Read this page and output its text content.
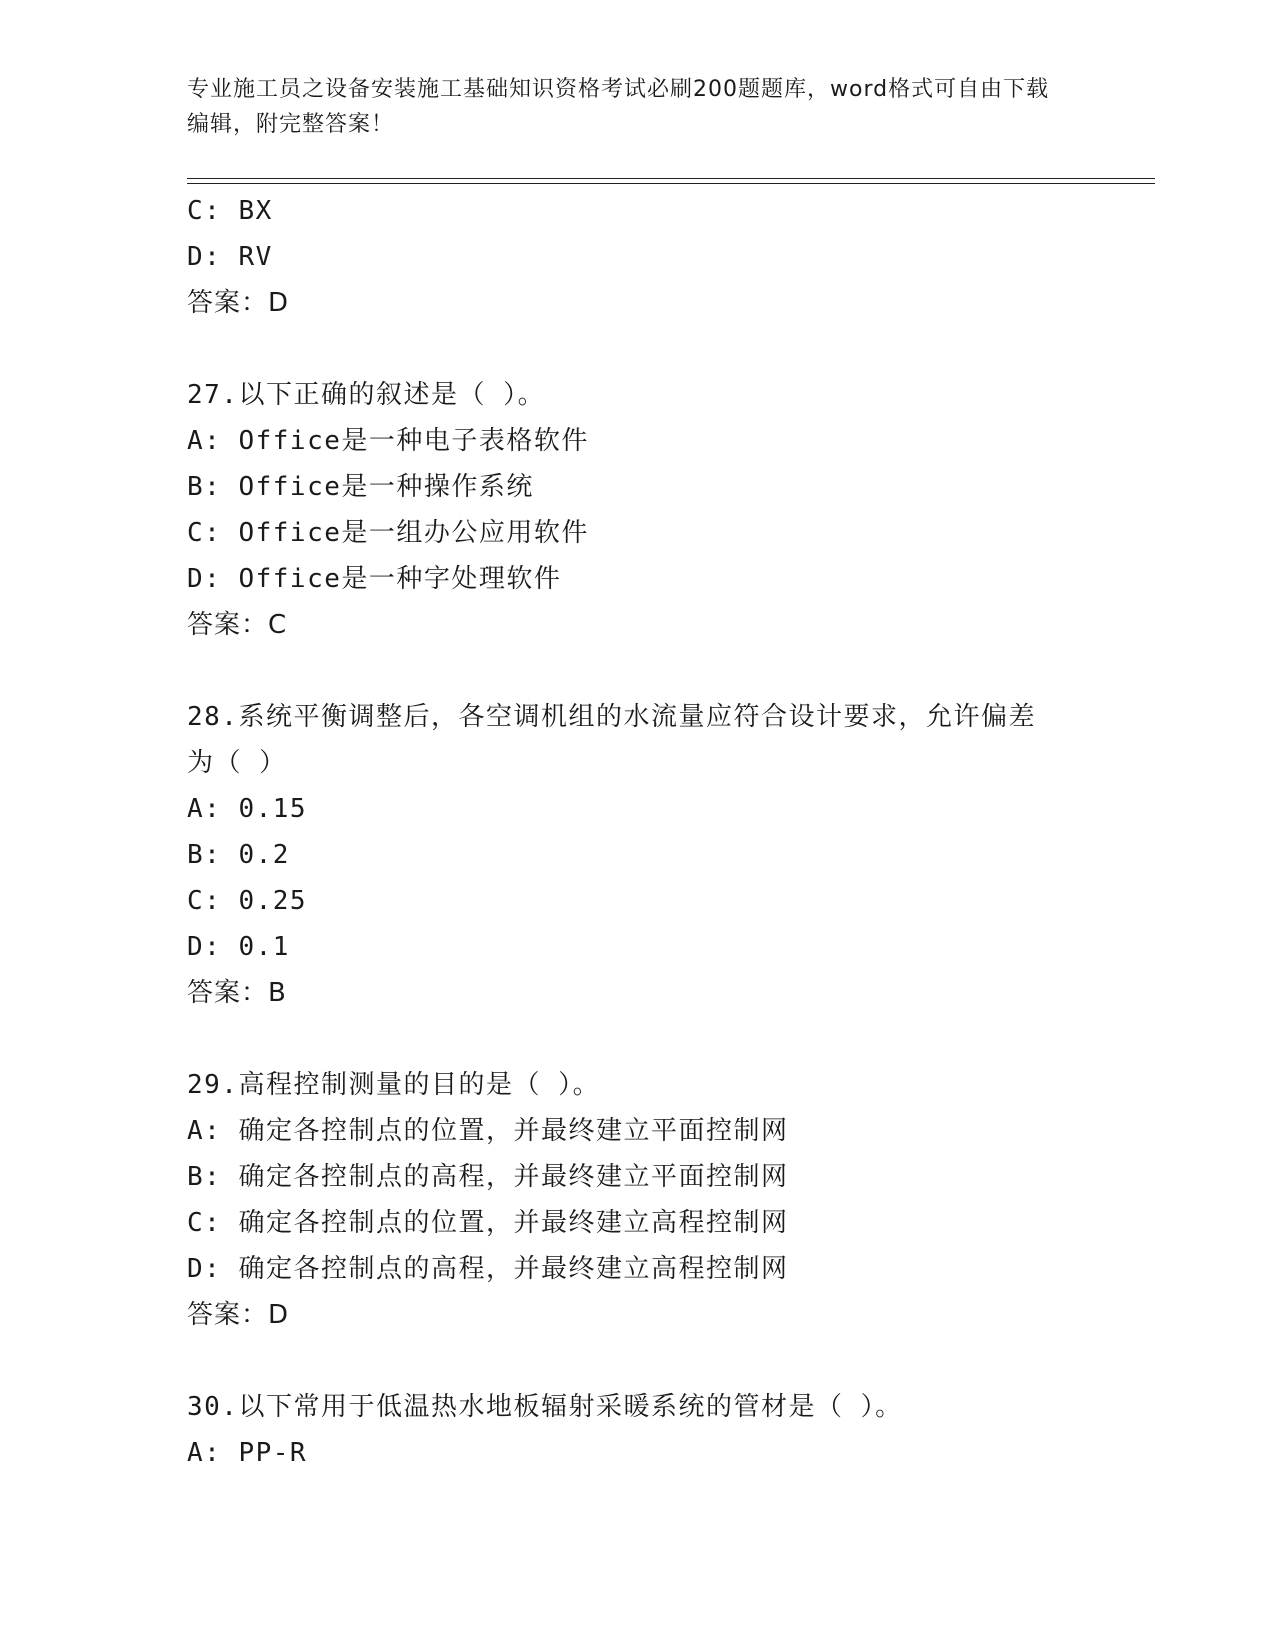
专业施工员之设备安装施工基础知识资格考试必刷200题题库，word格式可自由下载编辑，附完整答案！
C: BX
D: RV
答案：D
27.以下正确的叙述是（ ）。
A: Office是一种电子表格软件
B: Office是一种操作系统
C: Office是一组办公应用软件
D: Office是一种字处理软件
答案：C
28.系统平衡调整后，各空调机组的水流量应符合设计要求，允许偏差
为（ ）
A: 0.15
B: 0.2
C: 0.25
D: 0.1
答案：B
29.高程控制测量的目的是（ ）。
A: 确定各控制点的位置，并最终建立平面控制网
B: 确定各控制点的高程，并最终建立平面控制网
C: 确定各控制点的位置，并最终建立高程控制网
D: 确定各控制点的高程，并最终建立高程控制网
答案：D
30.以下常用于低温热水地板辐射采暖系统的管材是（ ）。
A: PP-R
